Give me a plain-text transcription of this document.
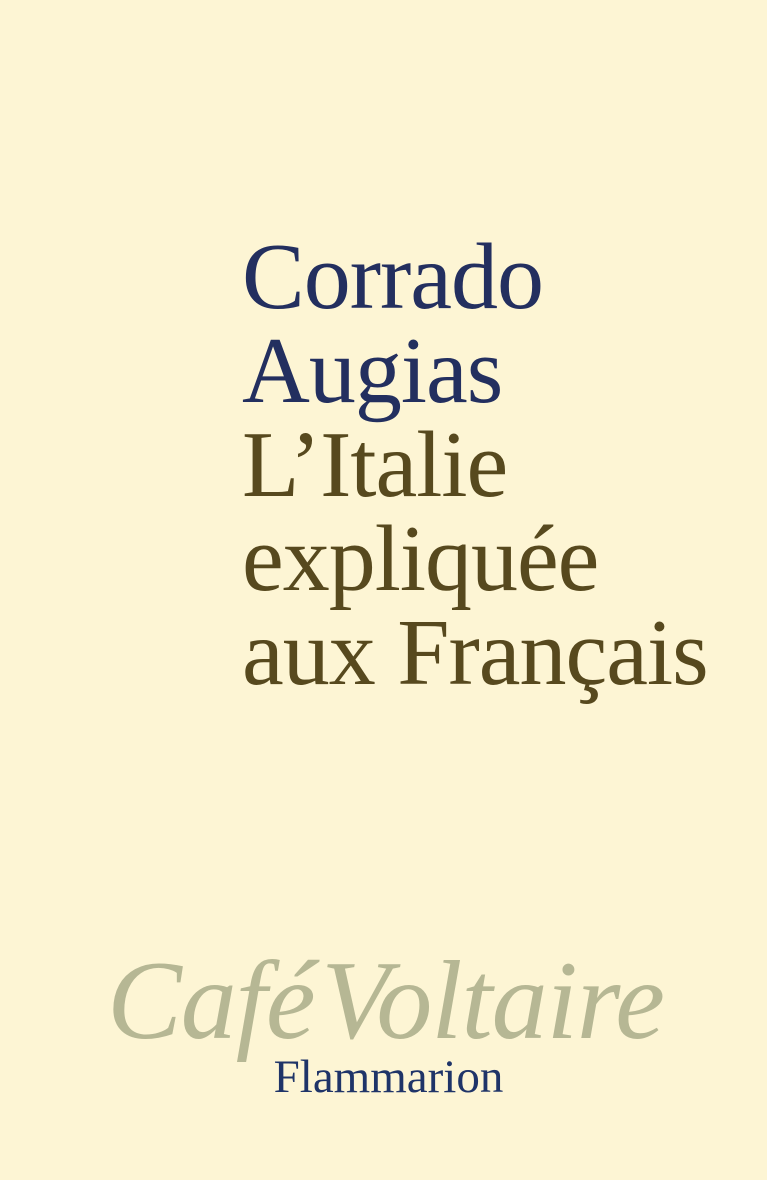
Corrado
Augias
L’Italie
expliquée
aux Français
Café Voltaire
Flammarion
